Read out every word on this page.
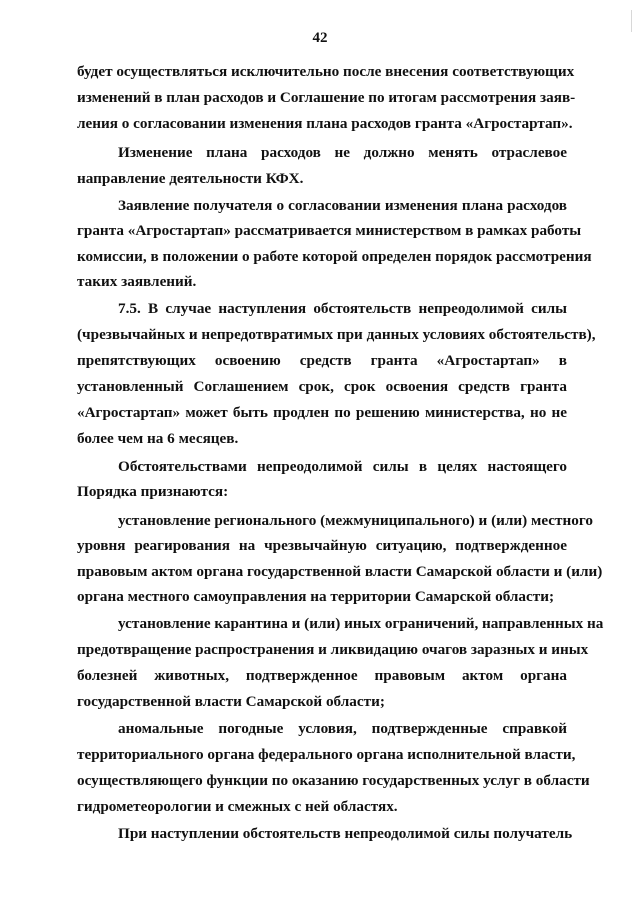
42
будет осуществляться исключительно после внесения соответствующих
изменений в план расходов и Соглашение по итогам рассмотрения заяв-
ления о согласовании изменения плана расходов гранта «Агростартап».
Изменение плана расходов не должно менять отраслевое
направление деятельности КФХ.
Заявление получателя о согласовании изменения плана расходов
гранта «Агростартап» рассматривается министерством в рамках работы
комиссии, в положении о работе которой определен порядок рассмотрения
таких заявлений.
7.5. В случае наступления обстоятельств непреодолимой силы
(чрезвычайных и непредотвратимых при данных условиях обстоятельств),
препятствующих освоению средств гранта «Агростартап» в
установленный Соглашением срок, срок освоения средств гранта
«Агростартап» может быть продлен по решению министерства, но не
более чем на 6 месяцев.
Обстоятельствами непреодолимой силы в целях настоящего
Порядка признаются:
установление регионального (межмуниципального) и (или) местного
уровня реагирования на чрезвычайную ситуацию, подтвержденное
правовым актом органа государственной власти Самарской области и (или)
органа местного самоуправления на территории Самарской области;
установление карантина и (или) иных ограничений, направленных на
предотвращение распространения и ликвидацию очагов заразных и иных
болезней животных, подтвержденное правовым актом органа
государственной власти Самарской области;
аномальные погодные условия, подтвержденные справкой
территориального органа федерального органа исполнительной власти,
осуществляющего функции по оказанию государственных услуг в области
гидрометеорологии и смежных с ней областях.
При наступлении обстоятельств непреодолимой силы получатель
